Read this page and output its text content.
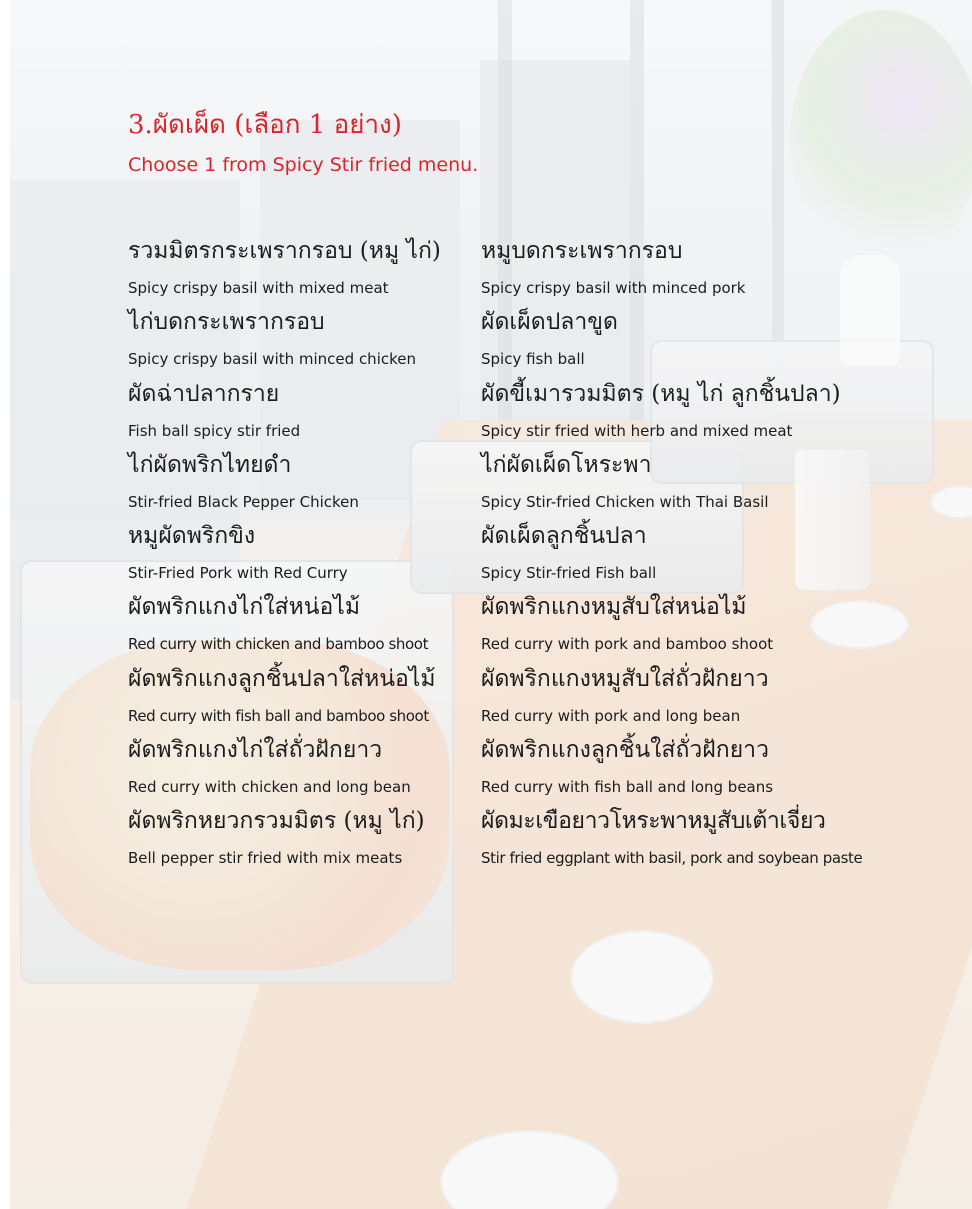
3.ผัดเผ็ด (เลือก 1 อย่าง)

Choose 1 from Spicy Stir fried menu.

รวมมิตรกระเพรากรอบ (หมู ไก่)
Spicy crispy basil with mixed meat
ไก่บดกระเพรากรอบ
Spicy crispy basil with minced chicken
ผัดฉ่าปลากราย
Fish ball spicy stir fried
ไก่ผัดพริกไทยดำ
Stir-fried Black Pepper Chicken
หมูผัดพริกขิง
Stir-Fried Pork with Red Curry
ผัดพริกแกงไก่ใส่หน่อไม้
Red curry with chicken and bamboo shoot
ผัดพริกแกงลูกชิ้นปลาใส่หน่อไม้
Red curry with fish ball and bamboo shoot
ผัดพริกแกงไก่ใส่ถั่วฝักยาว
Red curry with chicken and long bean
ผัดพริกหยวกรวมมิตร (หมู ไก่)
Bell pepper stir fried with mix meats
หมูบดกระเพรากรอบ
Spicy crispy basil with minced pork
ผัดเผ็ดปลาขูด
Spicy fish ball
ผัดขี้เมารวมมิตร (หมู ไก่ ลูกชิ้นปลา)
Spicy stir fried with herb and mixed meat
ไก่ผัดเผ็ดโหระพา
Spicy Stir-fried Chicken with Thai Basil
ผัดเผ็ดลูกชิ้นปลา
Spicy Stir-fried Fish ball
ผัดพริกแกงหมูสับใส่หน่อไม้
Red curry with pork and bamboo shoot
ผัดพริกแกงหมูสับใส่ถั่วฝักยาว
Red curry with pork and long bean
ผัดพริกแกงลูกชิ้นใส่ถั่วฝักยาว
Red curry with fish ball and long beans
ผัดมะเขือยาวโหระพาหมูสับเต้าเจี่ยว
Stir fried eggplant with basil, pork and soybean paste
